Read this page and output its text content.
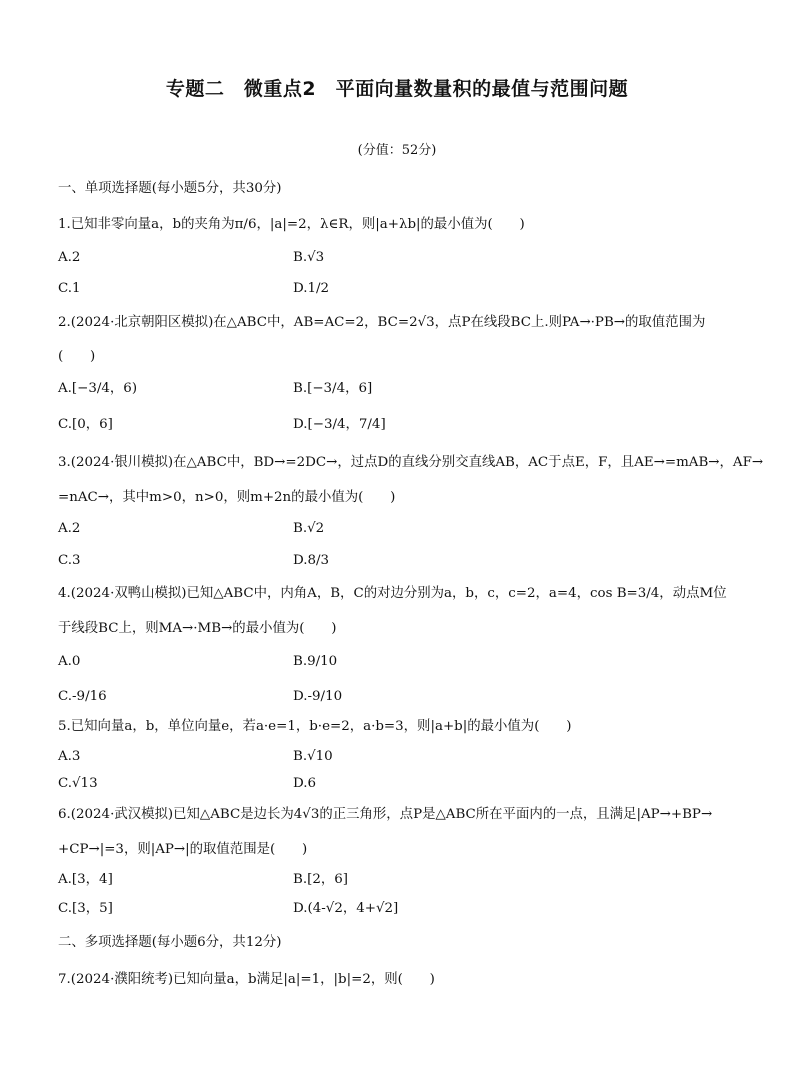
专题二　微重点2　平面向量数量积的最值与范围问题
(分值：52分)
一、单项选择题(每小题5分，共30分)
1.已知非零向量a，b的夹角为π/6，|a|=2，λ∈R，则|a+λb|的最小值为(　　)
A.2	B.√3
C.1	D.1/2
2.(2024·北京朝阳区模拟)在△ABC中，AB=AC=2，BC=2√3，点P在线段BC上.则PA→·PB→的取值范围为
(　　)
A.[−3/4，6)	B.[−3/4，6]
C.[0，6]	D.[−3/4，7/4]
3.(2024·银川模拟)在△ABC中，BD→=2DC→，过点D的直线分别交直线AB，AC于点E，F，且AE→=mAB→，AF→
=nAC→，其中m>0，n>0，则m+2n的最小值为(　　)
A.2	B.√2
C.3	D.8/3
4.(2024·双鸭山模拟)已知△ABC中，内角A，B，C的对边分别为a，b，c，c=2，a=4，cos B=3/4，动点M位
于线段BC上，则MA→·MB→的最小值为(　　)
A.0	B.9/10
C.-9/16	D.-9/10
5.已知向量a，b，单位向量e，若a·e=1，b·e=2，a·b=3，则|a+b|的最小值为(　　)
A.3	B.√10
C.√13	D.6
6.(2024·武汉模拟)已知△ABC是边长为4√3的正三角形，点P是△ABC所在平面内的一点，且满足|AP→+BP→
+CP→|=3，则|AP→|的取值范围是(　　)
A.[3，4]	B.[2，6]
C.[3，5]	D.(4-√2，4+√2]
二、多项选择题(每小题6分，共12分)
7.(2024·濮阳统考)已知向量a，b满足|a|=1，|b|=2，则(　　)
